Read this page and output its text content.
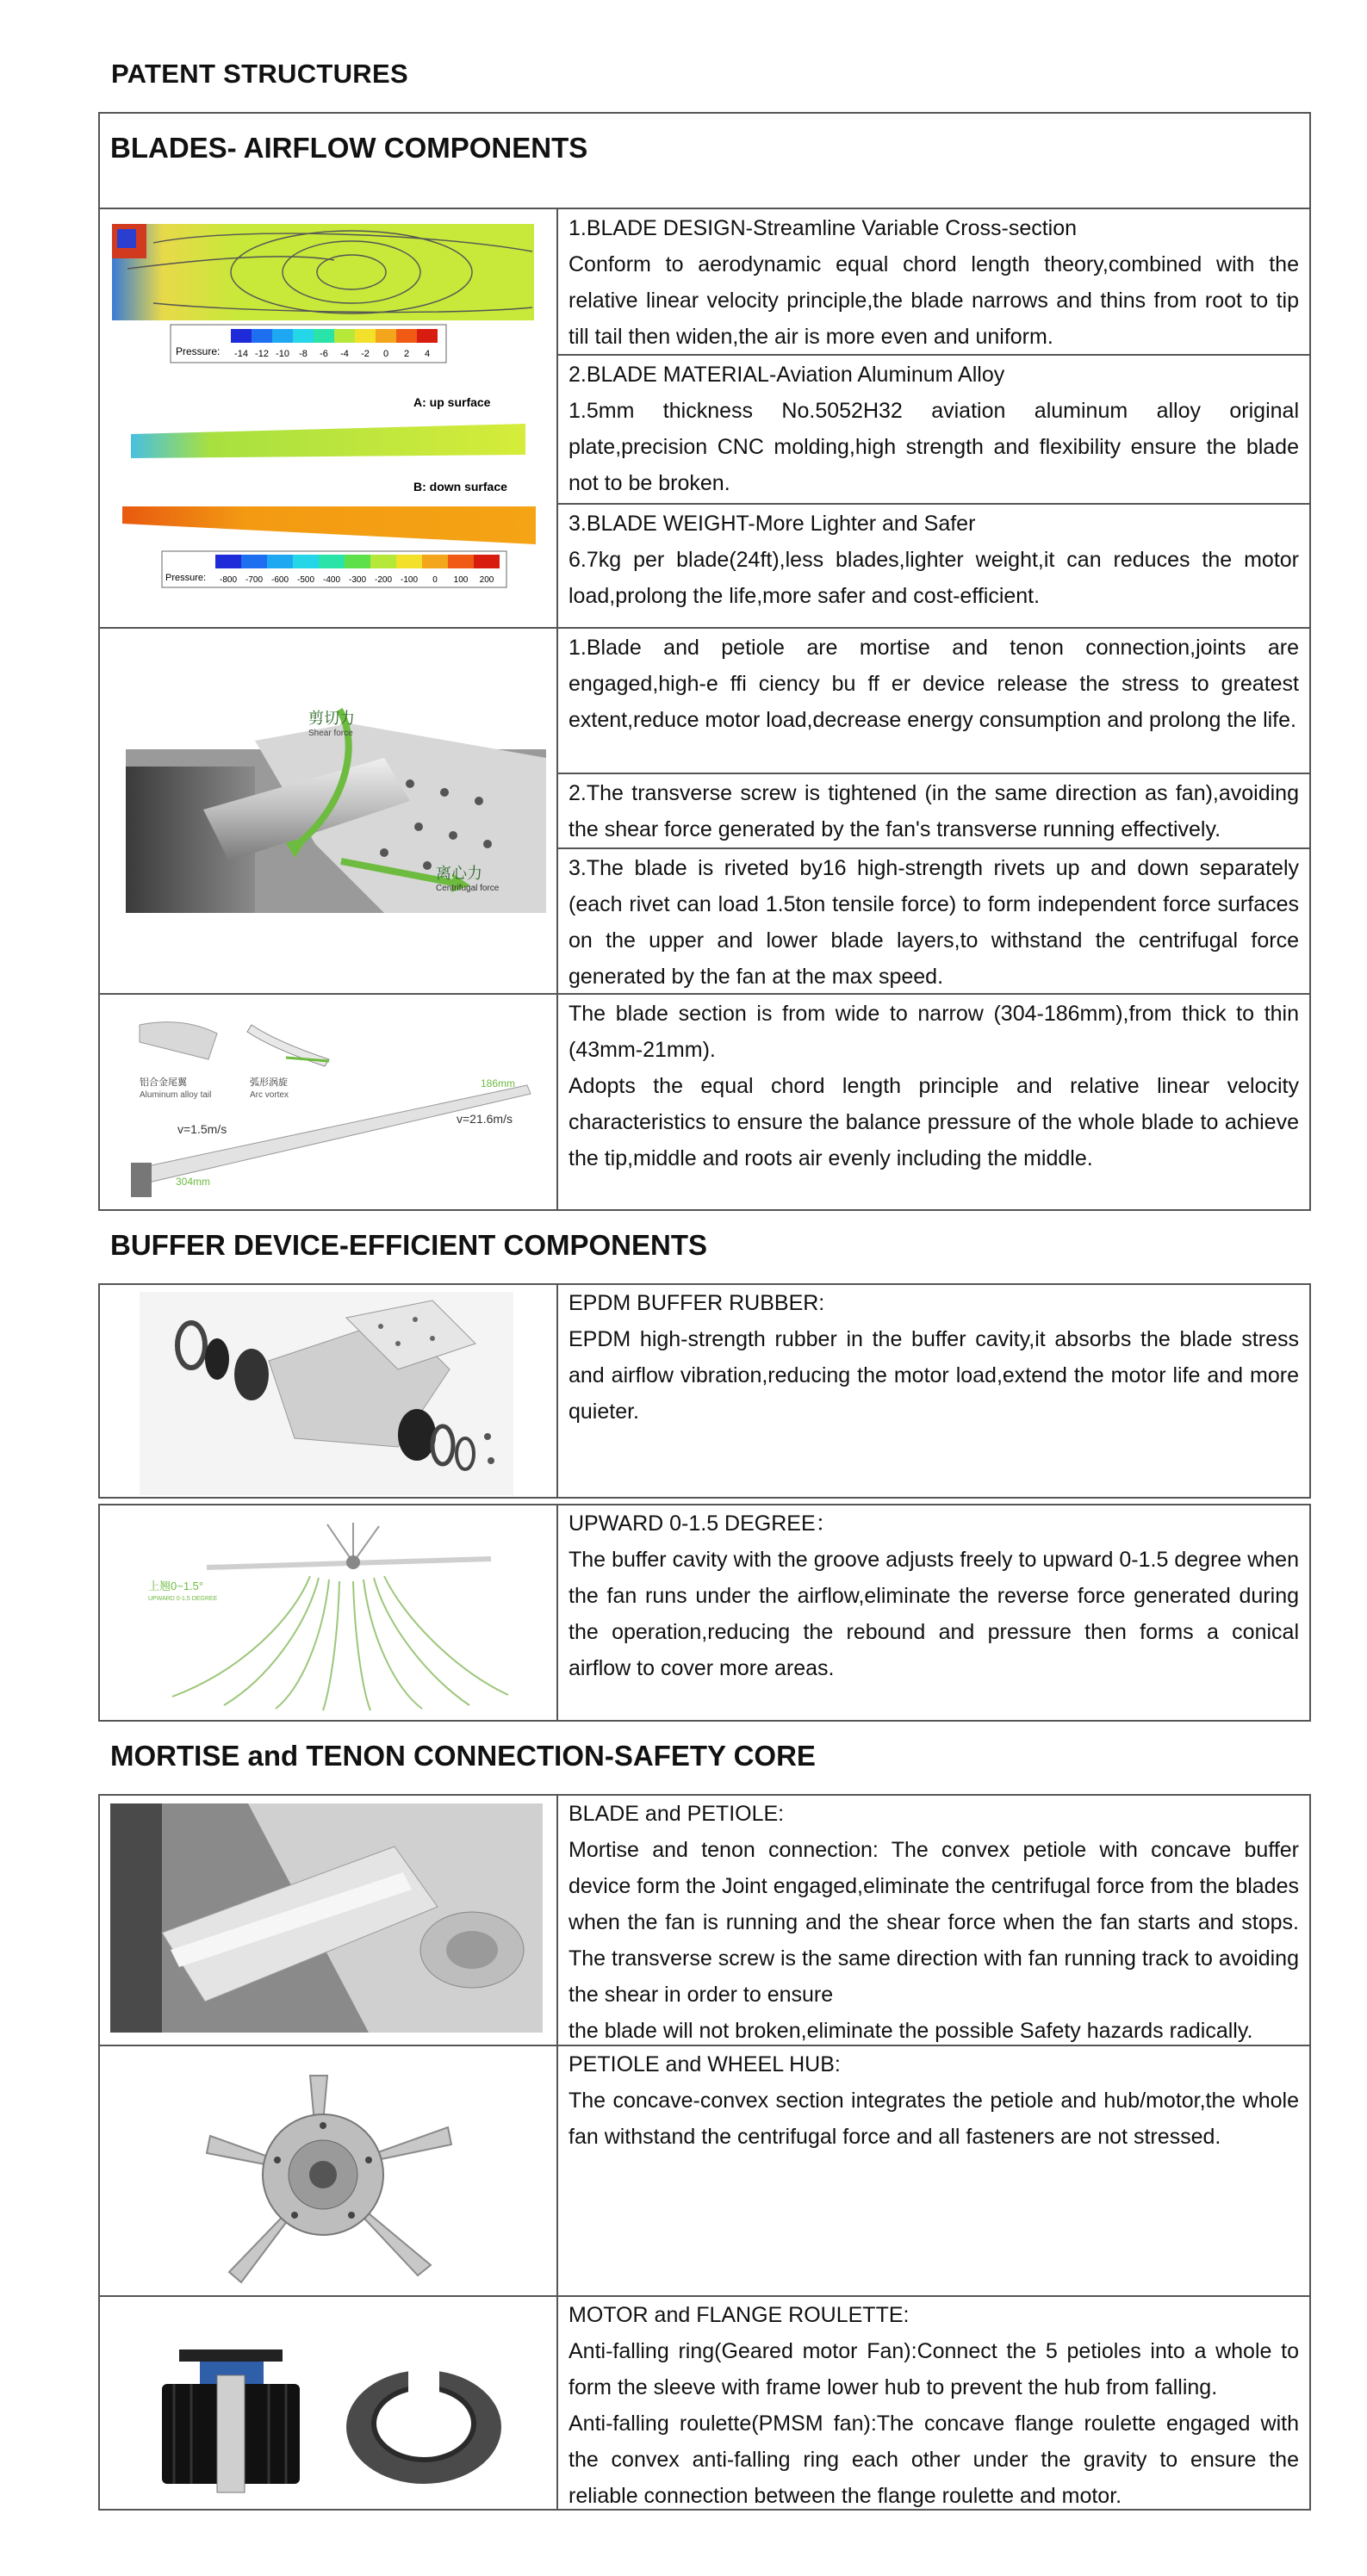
PATENT STRUCTURES
BLADES- AIRFLOW COMPONENTS

1.BLADE DESIGN-Streamline Variable Cross-section

Conform to aerodynamic equal chord length theory,combined with the relative linear velocity principle,the blade narrows and thins from root to tip till tail then widen,the air is more even and uniform.

2.BLADE MATERIAL-Aviation Aluminum Alloy

1.5mm thickness No.5052H32 aviation aluminum alloy original plate,precision CNC molding,high strength and flexibility ensure the blade not to be broken.

3.BLADE WEIGHT-More Lighter and Safer

6.7kg per blade(24ft),less blades,lighter weight,it can reduces the motor load,prolong the life,more safer and cost-efficient.

-14 -12 -10 -8 -6 -4 -2 0 2 4
Pressure:
A: up surface
B: down surface
-800 -700 -600 -500 -400 -300 -200 -100 0 100 200
Pressure:

1.Blade and petiole are mortise and tenon connection,joints are engaged,high-e ffi ciency bu ff er device release the stress to greatest extent,reduce motor load,decrease energy consumption and prolong the life.

2.The transverse screw is tightened (in the same direction as fan),avoiding the shear force generated by the fan's transverse running effectively.

3.The blade is riveted by16 high-strength rivets up and down separately (each rivet can load 1.5ton tensile force) to form independent force surfaces on the upper and lower blade layers,to withstand the centrifugal force generated by the fan at the max speed.

剪切力
Shear force
离心力
Centrifugal force

The blade section is from wide to narrow (304-186mm),from thick to thin (43mm-21mm).

Adopts the equal chord length principle and relative linear velocity characteristics to ensure the balance pressure of the whole blade to achieve the tip,middle and roots air evenly including the middle.

铝合金尾翼
Aluminum alloy tail
弧形涡旋
Arc vortex
186mm
v=1.5m/s
v=21.6m/s
304mm
BUFFER DEVICE-EFFICIENT COMPONENTS

EPDM BUFFER RUBBER:

EPDM high-strength rubber in the buffer cavity,it absorbs the blade stress and airflow vibration,reducing the motor load,extend the motor life and more quieter.

UPWARD 0-1.5 DEGREE：

The buffer cavity with the groove adjusts freely to upward 0-1.5 degree when the fan runs under the airflow,eliminate the reverse force generated during the operation,reducing the rebound and pressure then forms a conical airflow to cover more areas.

上翘0~1.5°
UPWARD 0-1.5 DEGREE
MORTISE and TENON CONNECTION-SAFETY CORE

BLADE and PETIOLE:

Mortise and tenon connection: The convex petiole with concave buffer device form the Joint engaged,eliminate the centrifugal force from the blades when the fan is running and the shear force when the fan starts and stops. The transverse screw is the same direction with fan running track to avoiding the shear in order to ensure

the blade will not broken,eliminate the possible Safety hazards radically.

PETIOLE and WHEEL HUB:

The concave-convex section integrates the petiole and hub/motor,the whole fan withstand the centrifugal force and all fasteners are not stressed.

MOTOR and FLANGE ROULETTE:

Anti-falling ring(Geared motor Fan):Connect the 5 petioles into a whole to form the sleeve with frame lower hub to prevent the hub from falling.

Anti-falling roulette(PMSM fan):The concave flange roulette engaged with the convex anti-falling ring each other under the gravity to ensure the reliable connection between the flange roulette and motor.
